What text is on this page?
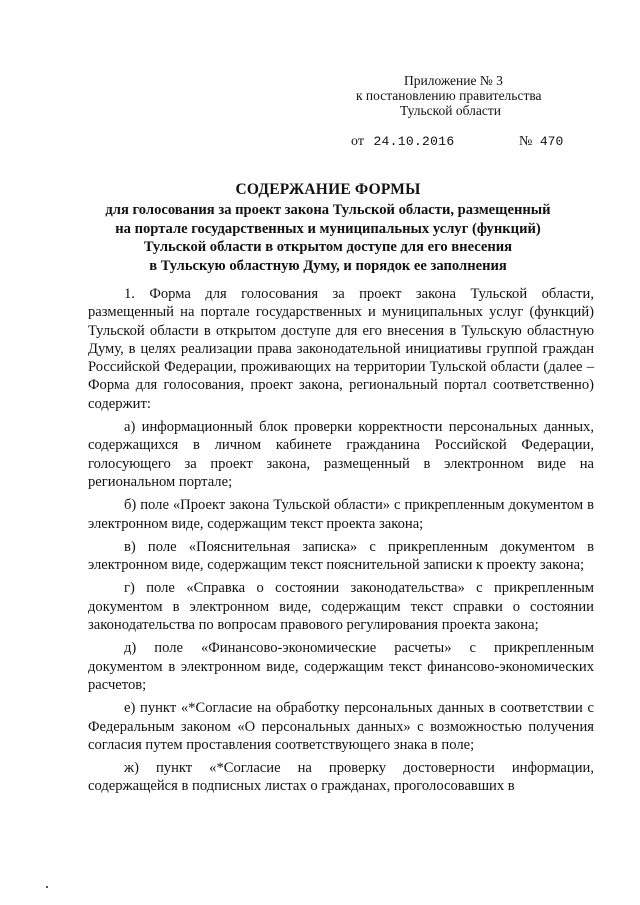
Приложение № 3
к постановлению правительства
Тульской области
от 24.10.2016	№ 470
СОДЕРЖАНИЕ ФОРМЫ
для голосования за проект закона Тульской области, размещенный
на портале государственных и муниципальных услуг (функций)
Тульской области в открытом доступе для его внесения
в Тульскую областную Думу, и порядок ее заполнения

1. Форма для голосования за проект закона Тульской области, размещенный на портале государственных и муниципальных услуг (функций) Тульской области в открытом доступе для его внесения в Тульскую областную Думу, в целях реализации права законодательной инициативы группой граждан Российской Федерации, проживающих на территории Тульской области (далее – Форма для голосования, проект закона, региональный портал соответственно) содержит:

а) информационный блок проверки корректности персональных данных, содержащихся в личном кабинете гражданина Российской Федерации, голосующего за проект закона, размещенный в электронном виде на региональном портале;

б) поле «Проект закона Тульской области» с прикрепленным документом в электронном виде, содержащим текст проекта закона;

в) поле «Пояснительная записка» с прикрепленным документом в электронном виде, содержащим текст пояснительной записки к проекту закона;

г) поле «Справка о состоянии законодательства» с прикрепленным документом в электронном виде, содержащим текст справки о состоянии законодательства по вопросам правового регулирования проекта закона;

д) поле «Финансово-экономические расчеты» с прикрепленным документом в электронном виде, содержащим текст финансово-экономических расчетов;

е) пункт «*Согласие на обработку персональных данных в соответствии с Федеральным законом «О персональных данных» с возможностью получения согласия путем проставления соответствующего знака в поле;

ж) пункт «*Согласие на проверку достоверности информации, содержащейся в подписных листах о гражданах, проголосовавших в
